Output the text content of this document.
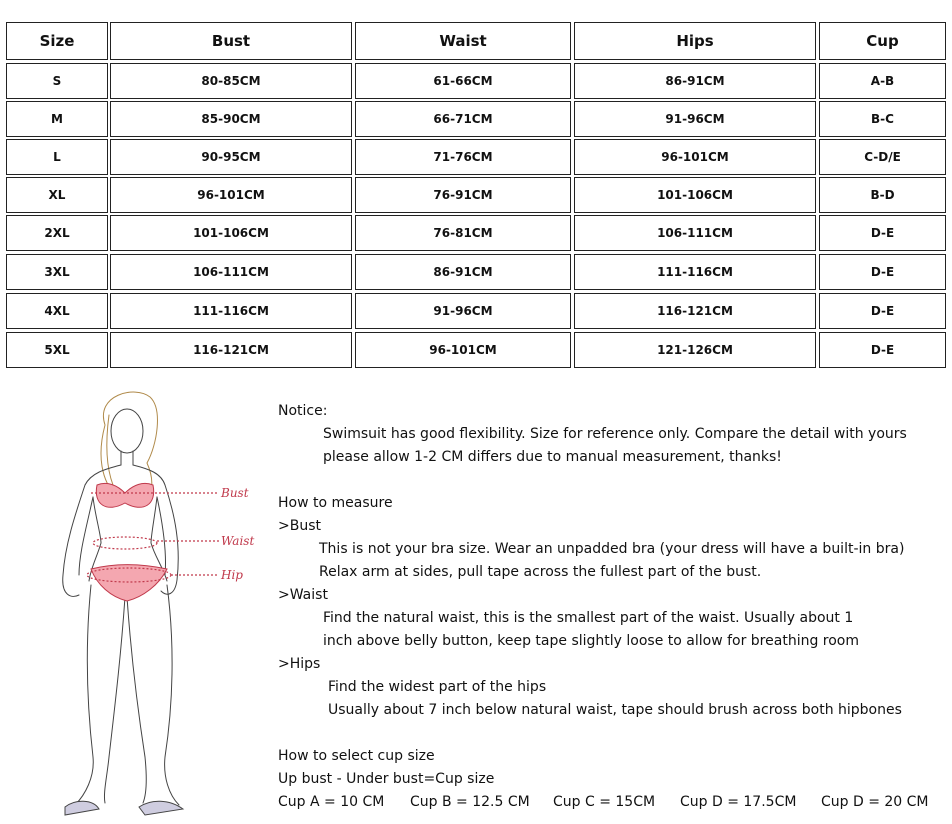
Size	Bust	Waist	Hips	Cup
S	80-85CM	61-66CM	86-91CM	A-B
M	85-90CM	66-71CM	91-96CM	B-C
L	90-95CM	71-76CM	96-101CM	C-D/E
XL	96-101CM	76-91CM	101-106CM	B-D
2XL	101-106CM	76-81CM	106-111CM	D-E
3XL	106-111CM	86-91CM	111-116CM	D-E
4XL	111-116CM	91-96CM	116-121CM	D-E
5XL	116-121CM	96-101CM	121-126CM	D-E
Bust
Waist
Hip
Notice:
Swimsuit has good flexibility. Size for reference only. Compare the detail with yours
please allow 1-2 CM differs due to manual measurement, thanks!
How to measure
>Bust
This is not your bra size. Wear an unpadded bra (your dress will have a built-in bra)
Relax arm at sides, pull tape across the fullest part of the bust.
>Waist
Find the natural waist, this is the smallest part of the waist. Usually about 1
inch above belly button, keep tape slightly loose to allow for breathing room
>Hips
Find the widest part of the hips
Usually about 7 inch below natural waist, tape should brush across both hipbones
How to select cup size
Up bust - Under bust=Cup size
Cup A = 10 CM Cup B = 12.5 CM Cup C = 15CM Cup D = 17.5CM Cup D = 20 CM
